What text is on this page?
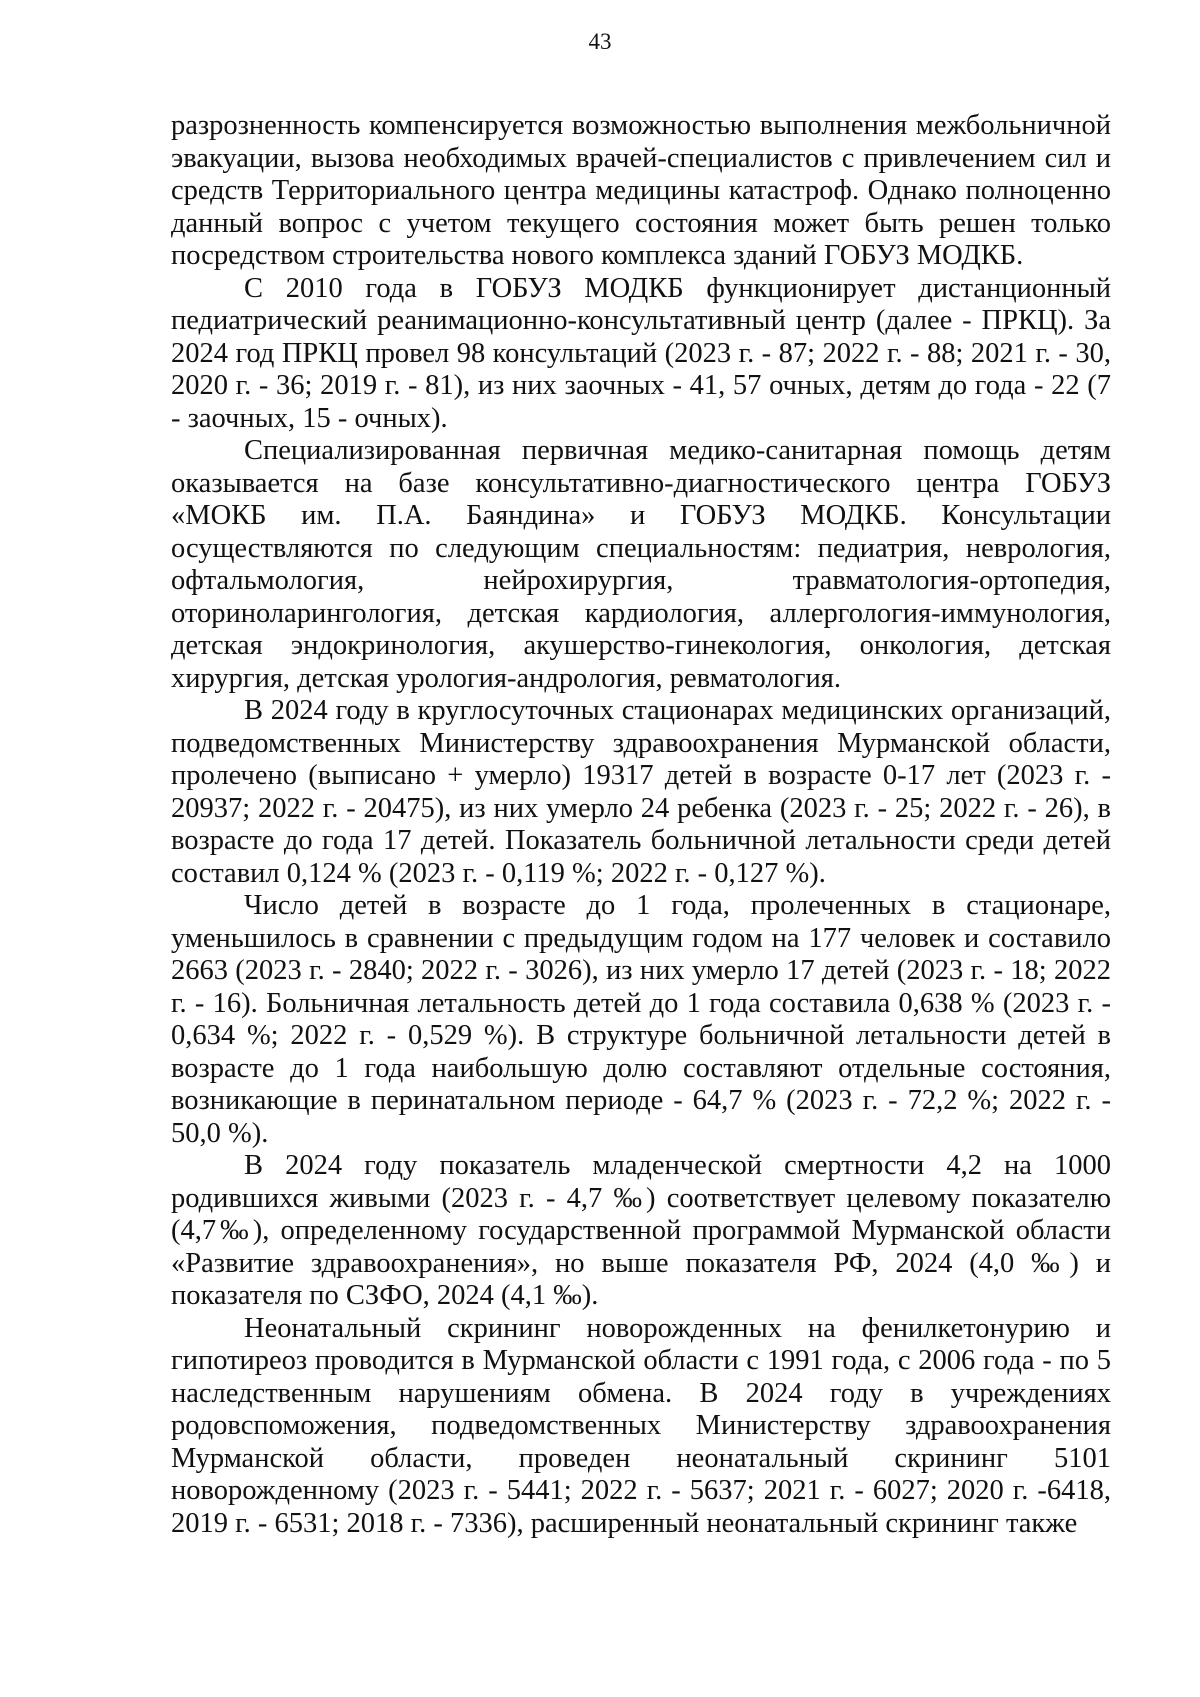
43

разрозненность компенсируется возможностью выполнения межбольничной эвакуации, вызова необходимых врачей-специалистов с привлечением сил и средств Территориального центра медицины катастроф. Однако полноценно данный вопрос с учетом текущего состояния может быть решен только посредством строительства нового комплекса зданий ГОБУЗ МОДКБ.

С 2010 года в ГОБУЗ МОДКБ функционирует дистанционный педиатрический реанимационно-консультативный центр (далее - ПРКЦ). За 2024 год ПРКЦ провел 98 консультаций (2023 г. - 87; 2022 г. - 88; 2021 г. - 30, 2020 г. - 36; 2019 г. - 81), из них заочных - 41, 57 очных, детям до года - 22 (7 - заочных, 15 - очных).

Специализированная первичная медико-санитарная помощь детям оказывается на базе консультативно-диагностического центра ГОБУЗ «МОКБ им. П.А. Баяндина» и ГОБУЗ МОДКБ. Консультации осуществляются по следующим специальностям: педиатрия, неврология, офтальмология, нейрохирургия, травматология-ортопедия, оториноларингология, детская кардиология, аллергология-иммунология, детская эндокринология, акушерство-гинекология, онкология, детская хирургия, детская урология-андрология, ревматология.

В 2024 году в круглосуточных стационарах медицинских организаций, подведомственных Министерству здравоохранения Мурманской области, пролечено (выписано + умерло) 19317 детей в возрасте 0-17 лет (2023 г. - 20937; 2022 г. - 20475), из них умерло 24 ребенка (2023 г. - 25; 2022 г. - 26), в возрасте до года 17 детей. Показатель больничной летальности среди детей составил 0,124 % (2023 г. - 0,119 %; 2022 г. - 0,127 %).

Число детей в возрасте до 1 года, пролеченных в стационаре, уменьшилось в сравнении с предыдущим годом на 177 человек и составило 2663 (2023 г. - 2840; 2022 г. - 3026), из них умерло 17 детей (2023 г. - 18; 2022 г. - 16). Больничная летальность детей до 1 года составила 0,638 % (2023 г. - 0,634 %; 2022 г. - 0,529 %). В структуре больничной летальности детей в возрасте до 1 года наибольшую долю составляют отдельные состояния, возникающие в перинатальном периоде - 64,7 % (2023 г. - 72,2 %; 2022 г. - 50,0 %).

В 2024 году показатель младенческой смертности 4,2 на 1000 родившихся живыми (2023 г. - 4,7 ‰) соответствует целевому показателю (4,7‰), определенному государственной программой Мурманской области «Развитие здравоохранения», но выше показателя РФ, 2024 (4,0 ‰) и показателя по СЗФО, 2024 (4,1 ‰).

Неонатальный скрининг новорожденных на фенилкетонурию и гипотиреоз проводится в Мурманской области с 1991 года, с 2006 года - по 5 наследственным нарушениям обмена. В 2024 году в учреждениях родовспоможения, подведомственных Министерству здравоохранения Мурманской области, проведен неонатальный скрининг 5101 новорожденному (2023 г. - 5441; 2022 г. - 5637; 2021 г. - 6027; 2020 г. -6418, 2019 г. - 6531; 2018 г. - 7336), расширенный неонатальный скрининг также
